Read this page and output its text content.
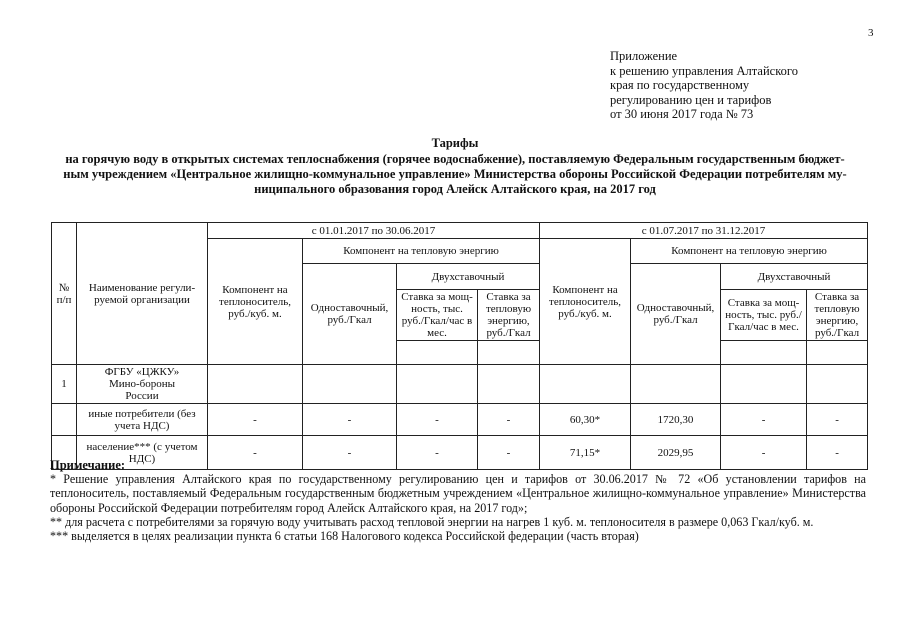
3
Приложение
к решению управления Алтайского
края по государственному
регулированию цен и тарифов
от 30 июня 2017 года № 73
Тарифы
на горячую воду в открытых системах теплоснабжения (горячее водоснабжение), поставляемую Федеральным государственным бюджет-
ным учреждением «Центральное жилищно-коммунальное управление» Министерства обороны Российской Федерации потребителям му-
ниципального образования город Алейск Алтайского края, на 2017 год
№ п/п	Наименование регули-руемой организации	с 01.01.2017 по 30.06.2017				с 01.07.2017 по 31.12.2017			
		Компонент на теплоноситель, руб./куб. м.	Компонент на тепловую энергию			Компонент на теплоноситель, руб./куб. м.	Компонент на тепловую энергию		
			Одноставочный, руб./Гкал	Двухставочный			Одноставочный, руб./Гкал	Двухставочный	
				Ставка за мощ-ность, тыс. руб./Гкал/час в мес.	Ставка за тепловую энергию, руб./Гкал			Ставка за мощ-ность, тыс. руб./Гкал/час в мес.	Ставка за тепловую энергию, руб./Гкал

1	ФГБУ «ЦЖКУ» Мино-бороны России								
	иные потребители (без учета НДС)	-	-	-	-	60,30*	1720,30	-	-
	население*** (с учетом НДС)	-	-	-	-	71,15*	2029,95	-	-
Примечание:
* Решение управления Алтайского края по государственному регулированию цен и тарифов от 30.06.2017 № 72 «Об установлении тарифов на теплоноситель, поставляемый Федеральным государственным бюджетным учреждением «Центральное жилищно-коммунальное управление» Министерства обороны Российской Федерации потребителям город Алейск Алтайского края, на 2017 год»;
** для расчета с потребителями за горячую воду учитывать расход тепловой энергии на нагрев 1 куб. м. теплоносителя в размере 0,063 Гкал/куб. м.
*** выделяется в целях реализации пункта 6 статьи 168 Налогового кодекса Российской федерации (часть вторая)
